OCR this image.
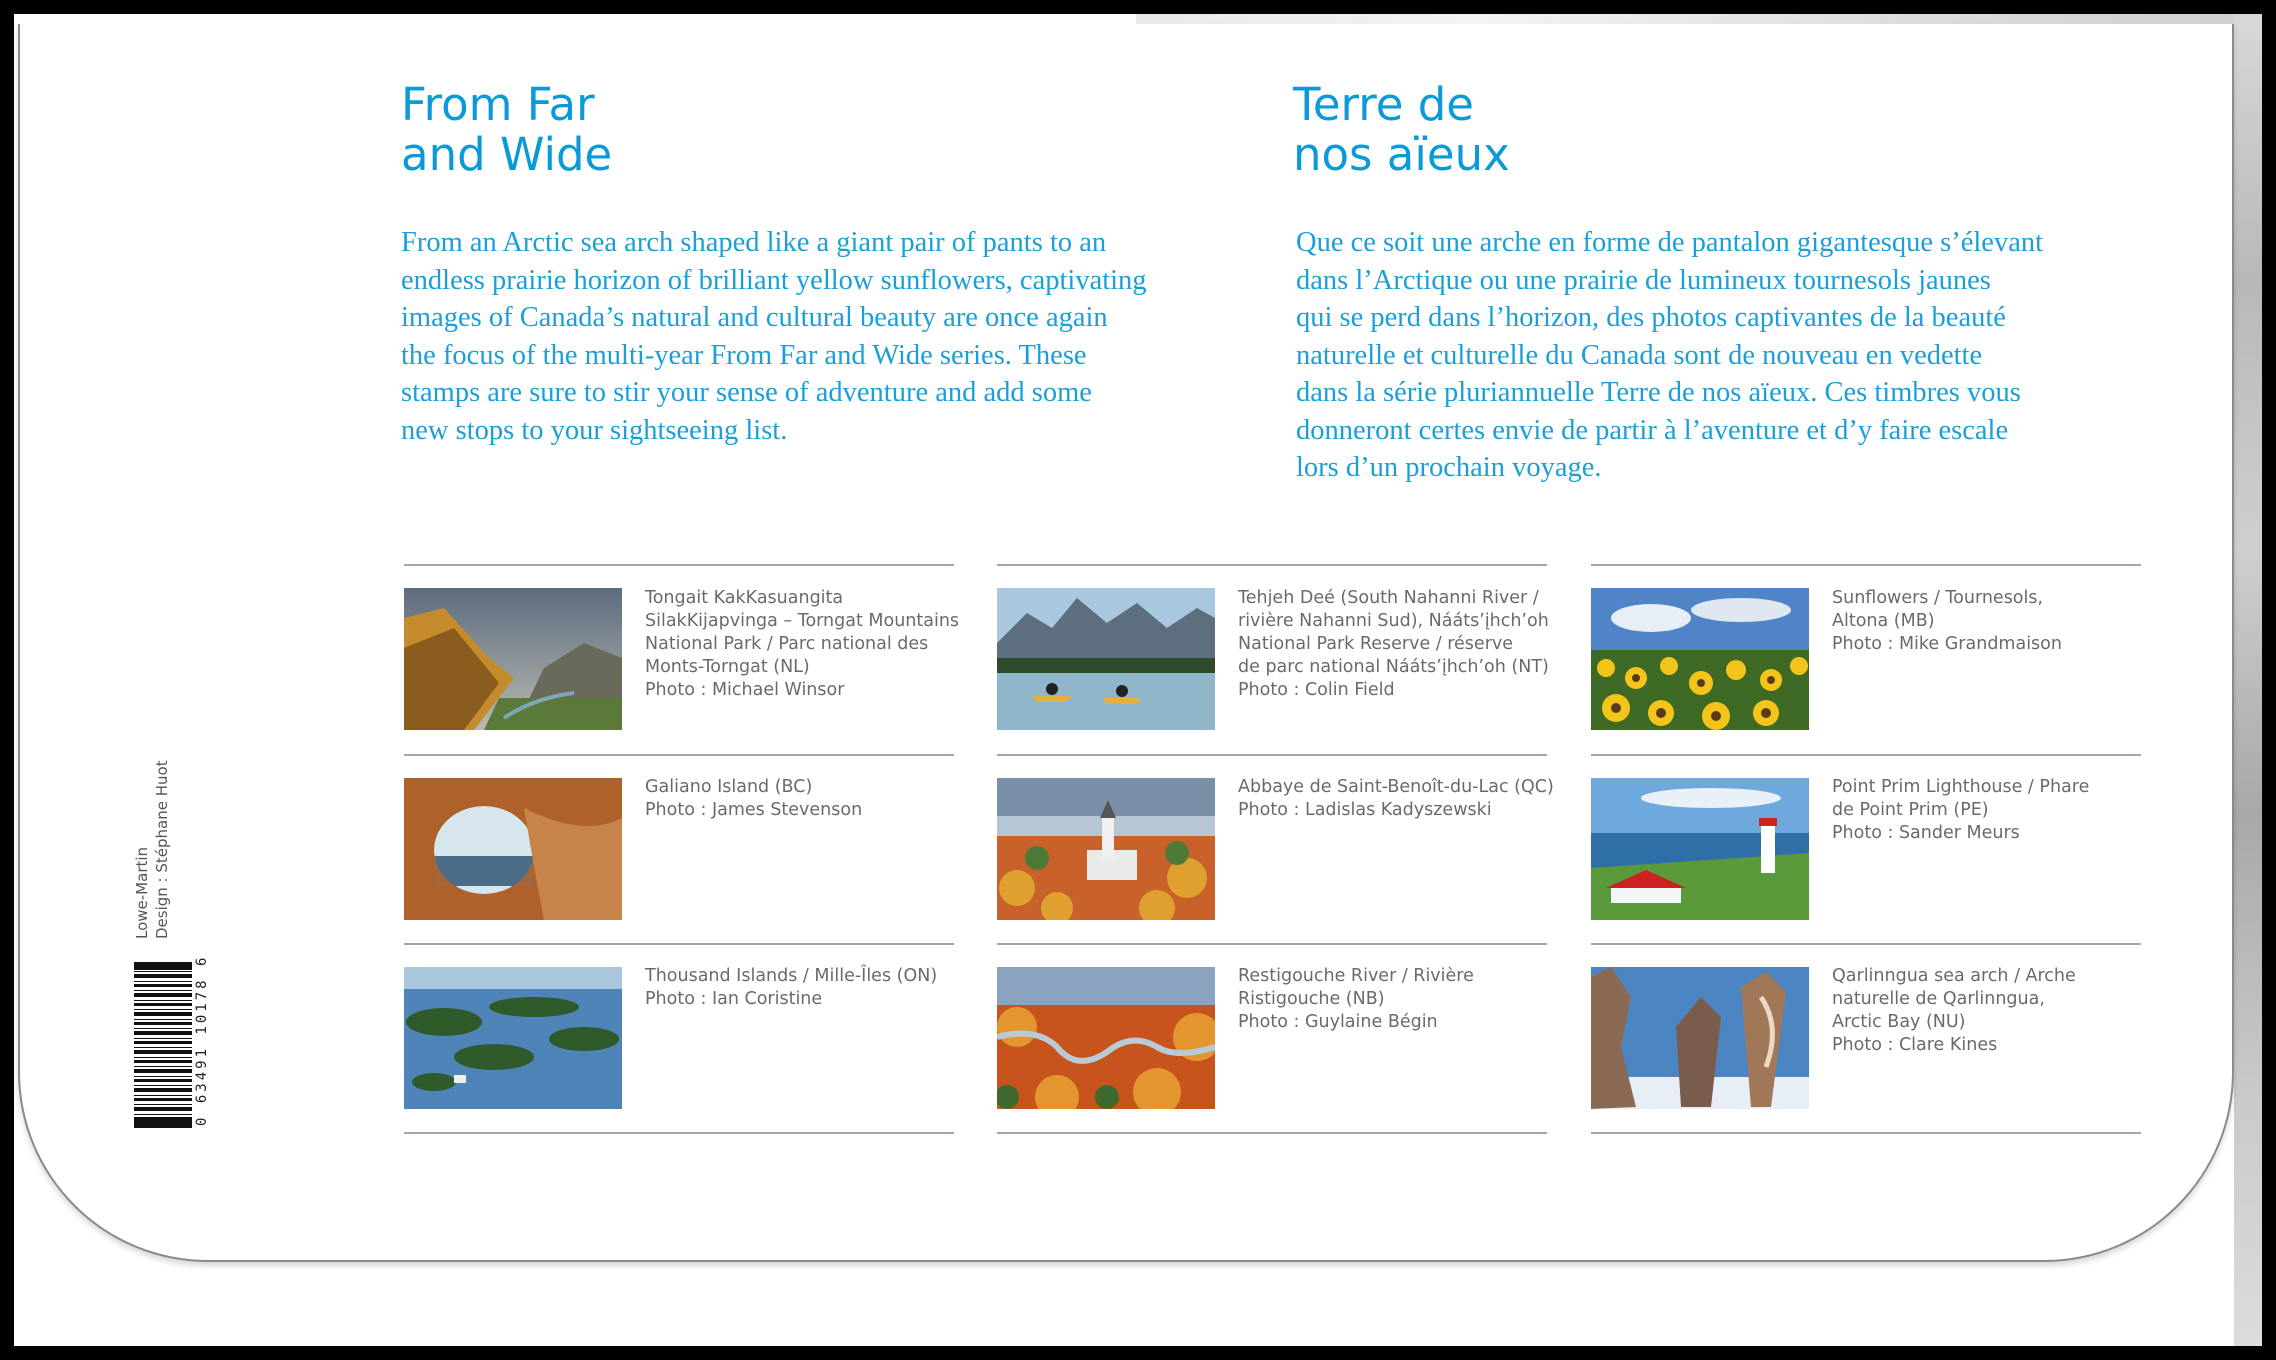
From Far
and Wide
Terre de
nos aïeux

From an Arctic sea arch shaped like a giant pair of pants to an
endless prairie horizon of brilliant yellow sunflowers, captivating
images of Canada’s natural and cultural beauty are once again
the focus of the multi-year From Far and Wide series. These
stamps are sure to stir your sense of adventure and add some
new stops to your sightseeing list.

Que ce soit une arche en forme de pantalon gigantesque s’élevant
dans l’Arctique ou une prairie de lumineux tournesols jaunes
qui se perd dans l’horizon, des photos captivantes de la beauté
naturelle et culturelle du Canada sont de nouveau en vedette
dans la série pluriannuelle Terre de nos aïeux. Ces timbres vous
donneront certes envie de partir à l’aventure et d’y faire escale
lors d’un prochain voyage.

Tongait KakKasuangita
SilakKijapvinga – Torngat Mountains
National Park / Parc national des
Monts-Torngat (NL)
Photo : Michael Winsor
Tehjeh Deé (South Nahanni River /
rivière Nahanni Sud), Náátsʼįhchʼoh
National Park Reserve / réserve
de parc national Náátsʼįhchʼoh (NT)
Photo : Colin Field
Sunflowers / Tournesols,
Altona (MB)
Photo : Mike Grandmaison
Galiano Island (BC)
Photo : James Stevenson
Abbaye de Saint-Benoît-du-Lac (QC)
Photo : Ladislas Kadyszewski
Point Prim Lighthouse / Phare
de Point Prim (PE)
Photo : Sander Meurs
Thousand Islands / Mille-Îles (ON)
Photo : Ian Coristine
Restigouche River / Rivière
Ristigouche (NB)
Photo : Guylaine Bégin
Qarlinngua sea arch / Arche
naturelle de Qarlinngua,
Arctic Bay (NU)
Photo : Clare Kines
Lowe-Martin Design : Stéphane Huot
0 63491 10178 6
